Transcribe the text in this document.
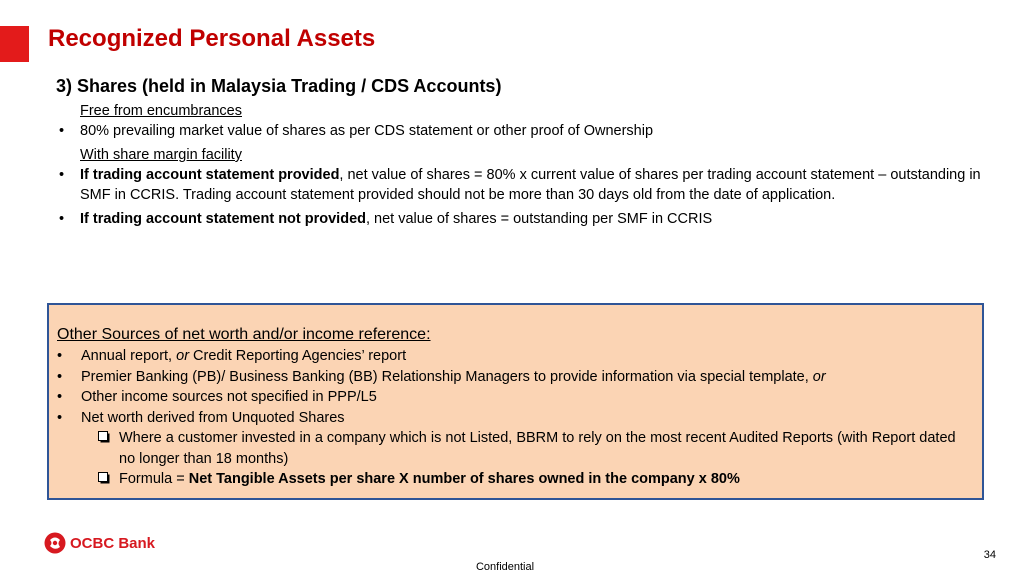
Recognized Personal Assets
3) Shares (held in Malaysia Trading / CDS Accounts)
Free from encumbrances
• 80% prevailing market value of shares as per CDS statement or other proof of Ownership
With share margin facility
• If trading account statement provided, net value of shares = 80% x current value of shares per trading account statement – outstanding in SMF in CCRIS. Trading account statement provided should not be more than 30 days old from the date of application.
• If trading account statement not provided, net value of shares = outstanding per SMF in CCRIS
Other Sources of net worth and/or income reference:
• Annual report, or Credit Reporting Agencies’ report
• Premier Banking (PB)/ Business Banking (BB) Relationship Managers to provide information via special template, or
• Other income sources not specified in PPP/L5
• Net worth derived from Unquoted Shares
Where a customer invested in a company which is not Listed, BBRM to rely on the most recent Audited Reports (with Report dated no longer than 18 months)
Formula = Net Tangible Assets per share X number of shares owned in the company x 80%
OCBC Bank
34
Confidential
